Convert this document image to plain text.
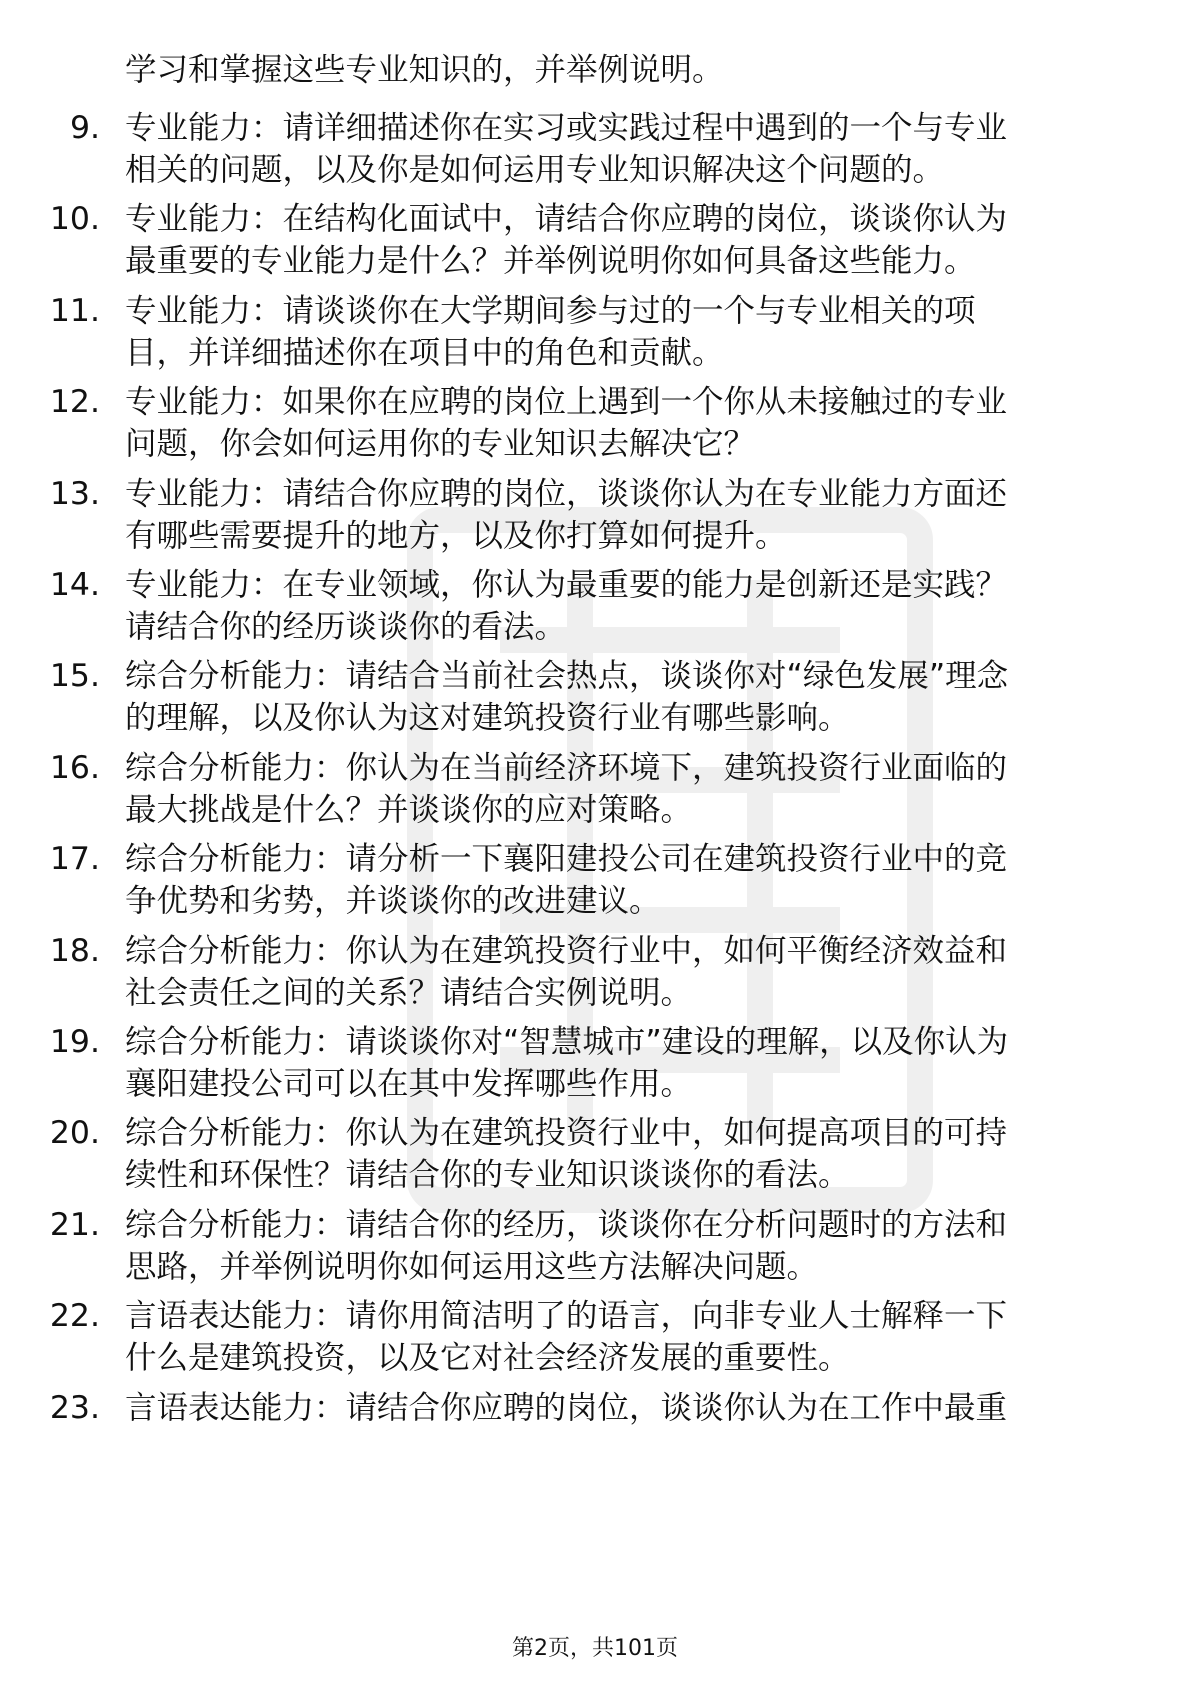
学习和掌握这些专业知识的，并举例说明。
9. 专业能力：请详细描述你在实习或实践过程中遇到的一个与专业
相关的问题，以及你是如何运用专业知识解决这个问题的。
10. 专业能力：在结构化面试中，请结合你应聘的岗位，谈谈你认为
最重要的专业能力是什么？并举例说明你如何具备这些能力。
11. 专业能力：请谈谈你在大学期间参与过的一个与专业相关的项
目，并详细描述你在项目中的角色和贡献。
12. 专业能力：如果你在应聘的岗位上遇到一个你从未接触过的专业
问题，你会如何运用你的专业知识去解决它？
13. 专业能力：请结合你应聘的岗位，谈谈你认为在专业能力方面还
有哪些需要提升的地方，以及你打算如何提升。
14. 专业能力：在专业领域，你认为最重要的能力是创新还是实践？
请结合你的经历谈谈你的看法。
15. 综合分析能力：请结合当前社会热点，谈谈你对“绿色发展”理念
的理解，以及你认为这对建筑投资行业有哪些影响。
16. 综合分析能力：你认为在当前经济环境下，建筑投资行业面临的
最大挑战是什么？并谈谈你的应对策略。
17. 综合分析能力：请分析一下襄阳建投公司在建筑投资行业中的竞
争优势和劣势，并谈谈你的改进建议。
18. 综合分析能力：你认为在建筑投资行业中，如何平衡经济效益和
社会责任之间的关系？请结合实例说明。
19. 综合分析能力：请谈谈你对“智慧城市”建设的理解，以及你认为
襄阳建投公司可以在其中发挥哪些作用。
20. 综合分析能力：你认为在建筑投资行业中，如何提高项目的可持
续性和环保性？请结合你的专业知识谈谈你的看法。
21. 综合分析能力：请结合你的经历，谈谈你在分析问题时的方法和
思路，并举例说明你如何运用这些方法解决问题。
22. 言语表达能力：请你用简洁明了的语言，向非专业人士解释一下
什么是建筑投资，以及它对社会经济发展的重要性。
23. 言语表达能力：请结合你应聘的岗位，谈谈你认为在工作中最重
第2页，共101页
